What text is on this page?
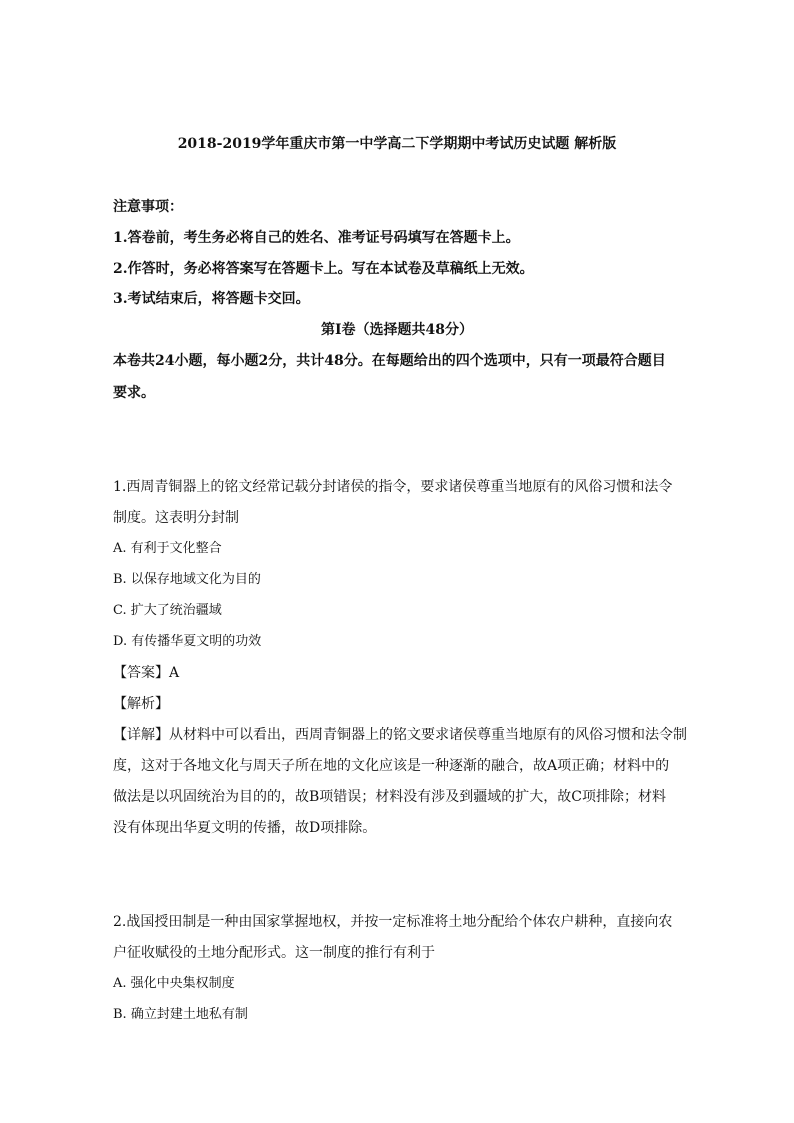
2018-2019学年重庆市第一中学高二下学期期中考试历史试题 解析版
注意事项：
1.答卷前，考生务必将自己的姓名、准考证号码填写在答题卡上。
2.作答时，务必将答案写在答题卡上。写在本试卷及草稿纸上无效。
3.考试结束后，将答题卡交回。
第Ⅰ卷（选择题共48分）
本卷共24小题，每小题2分，共计48分。在每题给出的四个选项中，只有一项最符合题目
要求。
1.西周青铜器上的铭文经常记载分封诸侯的指令，要求诸侯尊重当地原有的风俗习惯和法令
制度。这表明分封制
A. 有利于文化整合
B. 以保存地域文化为目的
C. 扩大了统治疆域
D. 有传播华夏文明的功效
【答案】A
【解析】
【详解】从材料中可以看出，西周青铜器上的铭文要求诸侯尊重当地原有的风俗习惯和法令制
度，这对于各地文化与周天子所在地的文化应该是一种逐渐的融合，故A项正确；材料中的
做法是以巩固统治为目的的，故B项错误；材料没有涉及到疆域的扩大，故C项排除；材料
没有体现出华夏文明的传播，故D项排除。
2.战国授田制是一种由国家掌握地权，并按一定标准将土地分配给个体农户耕种，直接向农
户征收赋役的土地分配形式。这一制度的推行有利于
A. 强化中央集权制度
B. 确立封建土地私有制
